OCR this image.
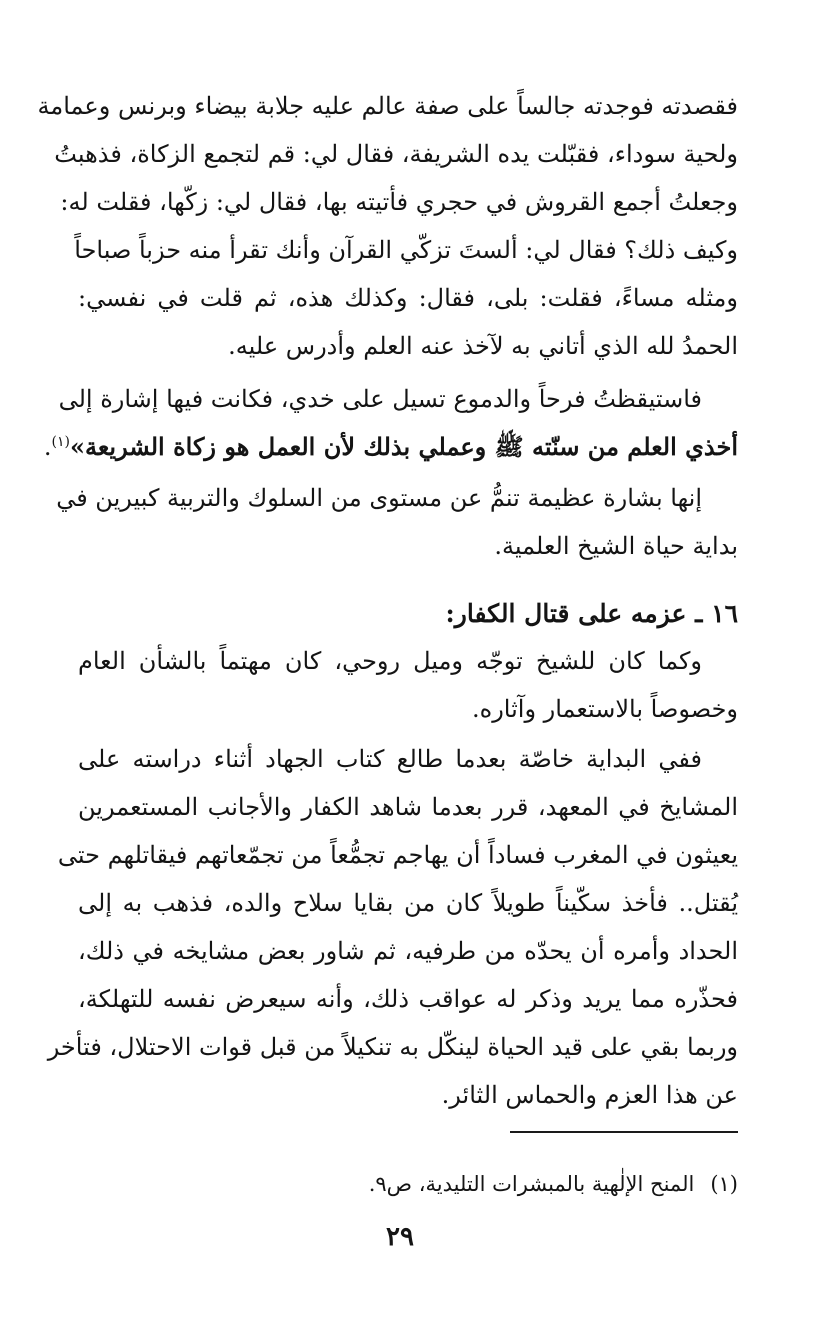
فقصدته فوجدته جالساً على صفة عالم عليه جلابة بيضاء وبرنس وعمامة
ولحية سوداء، فقبّلت يده الشريفة، فقال لي: قم لتجمع الزكاة، فذهبتُ
وجعلتُ أجمع القروش في حجري فأتيته بها، فقال لي: زكّها، فقلت له:
وكيف ذلك؟ فقال لي: ألستَ تزكّي القرآن وأنك تقرأ منه حزباً صباحاً
ومثله مساءً، فقلت: بلى، فقال: وكذلك هذه، ثم قلت في نفسي:
الحمدُ لله الذي أتاني به لآخذ عنه العلم وأدرس عليه.
فاستيقظتُ فرحاً والدموع تسيل على خدي، فكانت فيها إشارة إلى
أخذي العلم من سنّته ﷺ وعملي بذلك لأن العمل هو زكاة الشريعة»$^{(١)}$.
إنها بشارة عظيمة تنمُّ عن مستوى من السلوك والتربية كبيرين في
بداية حياة الشيخ العلمية.
١٦ ـ عزمه على قتال الكفار:
وكما كان للشيخ توجّه وميل روحي، كان مهتماً بالشأن العام
وخصوصاً بالاستعمار وآثاره.
ففي البداية خاصّة بعدما طالع كتاب الجهاد أثناء دراسته على
المشايخ في المعهد، قرر بعدما شاهد الكفار والأجانب المستعمرين
يعيثون في المغرب فساداً أن يهاجم تجمُّعاً من تجمّعاتهم فيقاتلهم حتى
يُقتل.. فأخذ سكّيناً طويلاً كان من بقايا سلاح والده، فذهب به إلى
الحداد وأمره أن يحدّه من طرفيه، ثم شاور بعض مشايخه في ذلك،
فحذّره مما يريد وذكر له عواقب ذلك، وأنه سيعرض نفسه للتهلكة،
وربما بقي على قيد الحياة لينكّل به تنكيلاً من قبل قوات الاحتلال، فتأخر
عن هذا العزم والحماس الثائر.
(١)المنح الإلٰهية بالمبشرات التليدية، ص٩.
٢٩
